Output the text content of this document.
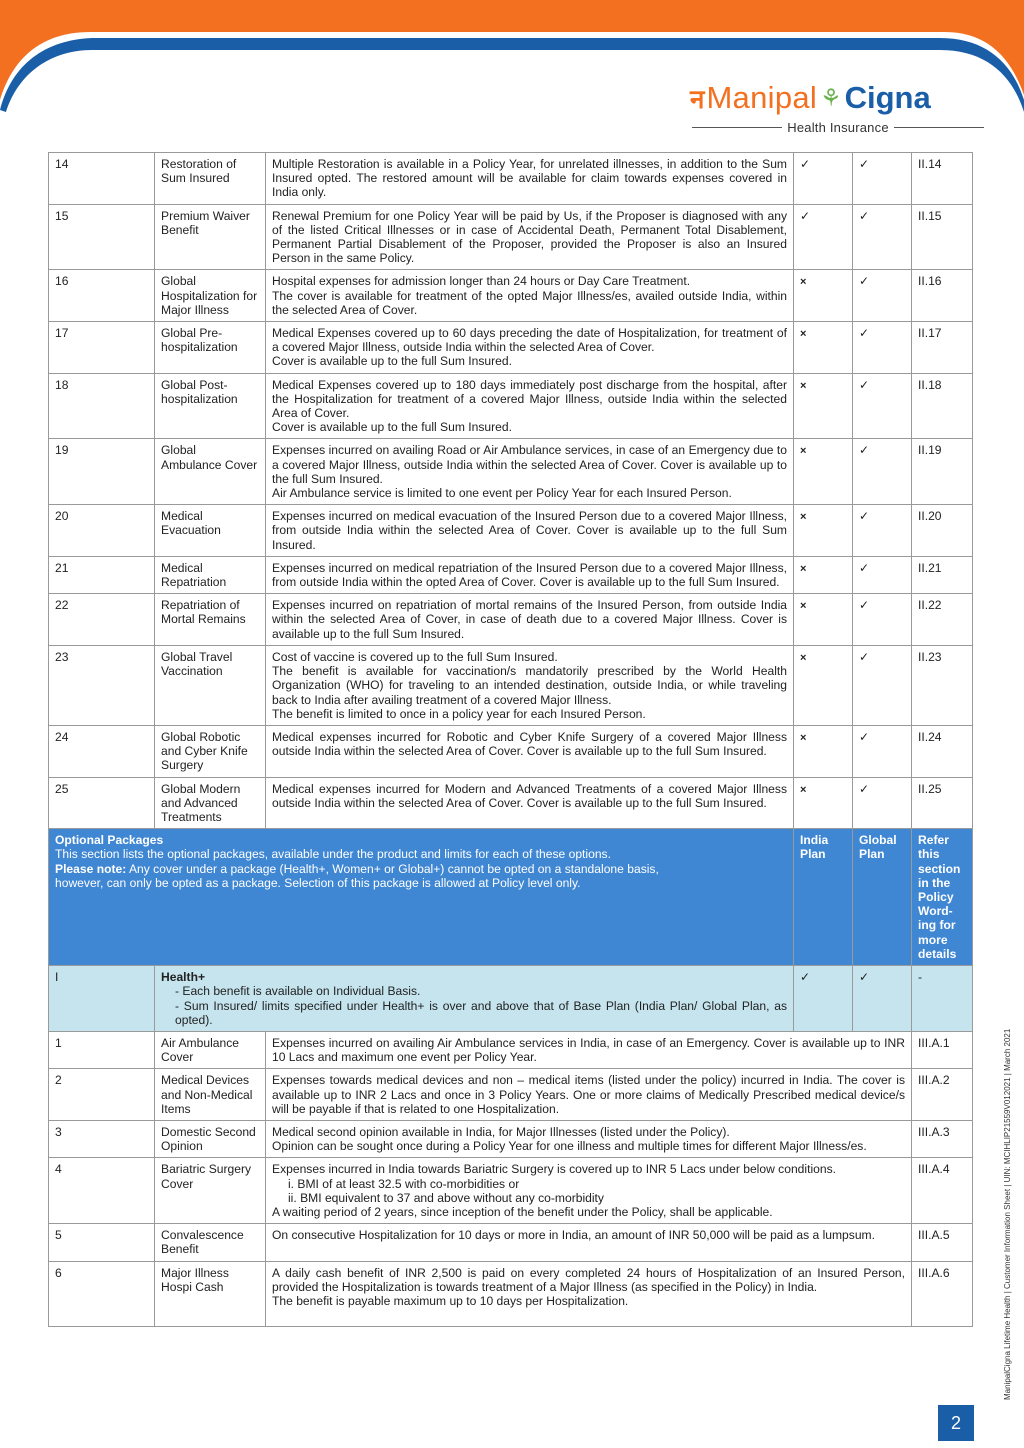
न Manipal ⚘ Cigna
Health Insurance
14	Restoration of Sum Insured	Multiple Restoration is available in a Policy Year, for unrelated illnesses, in addition to the Sum Insured opted. The restored amount will be available for claim towards expenses covered in India only.	✓	✓	II.14
15	Premium Waiver Benefit	Renewal Premium for one Policy Year will be paid by Us, if the Proposer is diagnosed with any of the listed Critical Illnesses or in case of Accidental Death, Permanent Total Disablement, Permanent Partial Disablement of the Proposer, provided the Proposer is also an Insured Person in the same Policy.	✓	✓	II.15
16	Global Hospitalization for Major Illness	Hospital expenses for admission longer than 24 hours or Day Care Treatment.
The cover is available for treatment of the opted Major Illness/es, availed outside India, within the selected Area of Cover.	×	✓	II.16
17	Global Pre-hospitalization	Medical Expenses covered up to 60 days preceding the date of Hospitalization, for treatment of a covered Major Illness, outside India within the selected Area of Cover.
Cover is available up to the full Sum Insured.	×	✓	II.17
18	Global Post- hospitalization	Medical Expenses covered up to 180 days immediately post discharge from the hospital, after the Hospitalization for treatment of a covered Major Illness, outside India within the selected Area of Cover.
Cover is available up to the full Sum Insured.	×	✓	II.18
19	Global Ambulance Cover	Expenses incurred on availing Road or Air Ambulance services, in case of an Emergency due to a covered Major Illness, outside India within the selected Area of Cover. Cover is available up to the full Sum Insured.
Air Ambulance service is limited to one event per Policy Year for each Insured Person.	×	✓	II.19
20	Medical Evacuation	Expenses incurred on medical evacuation of the Insured Person due to a covered Major Illness, from outside India within the selected Area of Cover. Cover is available up to the full Sum Insured.	×	✓	II.20
21	Medical Repatriation	Expenses incurred on medical repatriation of the Insured Person due to a covered Major Illness, from outside India within the opted Area of Cover. Cover is available up to the full Sum Insured.	×	✓	II.21
22	Repatriation of Mortal Remains	Expenses incurred on repatriation of mortal remains of the Insured Person, from outside India within the selected Area of Cover, in case of death due to a covered Major Illness. Cover is available up to the full Sum Insured.	×	✓	II.22
23	Global Travel Vaccination	Cost of vaccine is covered up to the full Sum Insured.
The benefit is available for vaccination/s mandatorily prescribed by the World Health Organization (WHO) for traveling to an intended destination, outside India, or while traveling back to India after availing treatment of a covered Major Illness.
The benefit is limited to once in a policy year for each Insured Person.	×	✓	II.23
24	Global Robotic and Cyber Knife Surgery	Medical expenses incurred for Robotic and Cyber Knife Surgery of a covered Major Illness outside India within the selected Area of Cover. Cover is available up to the full Sum Insured.	×	✓	II.24
25	Global Modern and Advanced Treatments	Medical expenses incurred for Modern and Advanced Treatments of a covered Major Illness outside India within the selected Area of Cover. Cover is available up to the full Sum Insured.	×	✓	II.25
Optional Packages
This section lists the optional packages, available under the product and limits for each of these options.
Please note: Any cover under a package (Health+, Women+ or Global+) cannot be opted on a standalone basis,
however, can only be opted as a package. Selection of this package is allowed at Policy level only.			India Plan	Global Plan	Refer this section in the Policy Word-ing for more details
I	Health+
- Each benefit is available on Individual Basis.
- Sum Insured/ limits specified under Health+ is over and above that of Base Plan (India Plan/ Global Plan, as opted).		✓	✓	-
1	Air Ambulance Cover	Expenses incurred on availing Air Ambulance services in India, in case of an Emergency. Cover is available up to INR 10 Lacs and maximum one event per Policy Year.			III.A.1
2	Medical Devices and Non-Medical Items	Expenses towards medical devices and non – medical items (listed under the policy) incurred in India. The cover is available up to INR 2 Lacs and once in 3 Policy Years. One or more claims of Medically Prescribed medical device/s will be payable if that is related to one Hospitalization.			III.A.2
3	Domestic Second Opinion	Medical second opinion available in India, for Major Illnesses (listed under the Policy).
Opinion can be sought once during a Policy Year for one illness and multiple times for different Major Illness/es.			III.A.3
4	Bariatric Surgery Cover	Expenses incurred in India towards Bariatric Surgery is covered up to INR 5 Lacs under below conditions.
i. BMI of at least 32.5 with co-morbidities or
ii. BMI equivalent to 37 and above without any co-morbidity
A waiting period of 2 years, since inception of the benefit under the Policy, shall be applicable.			III.A.4
5	Convalescence Benefit	On consecutive Hospitalization for 10 days or more in India, an amount of INR 50,000 will be paid as a lumpsum.			III.A.5
6	Major Illness Hospi Cash	A daily cash benefit of INR 2,500 is paid on every completed 24 hours of Hospitalization of an Insured Person, provided the Hospitalization is towards treatment of a Major Illness (as specified in the Policy) in India.
The benefit is payable maximum up to 10 days per Hospitalization.			III.A.6	ManipalCigna Lifetime Health | Customer Information Sheet | UIN: MCIHLIP21559V012021 | March 2021
2
